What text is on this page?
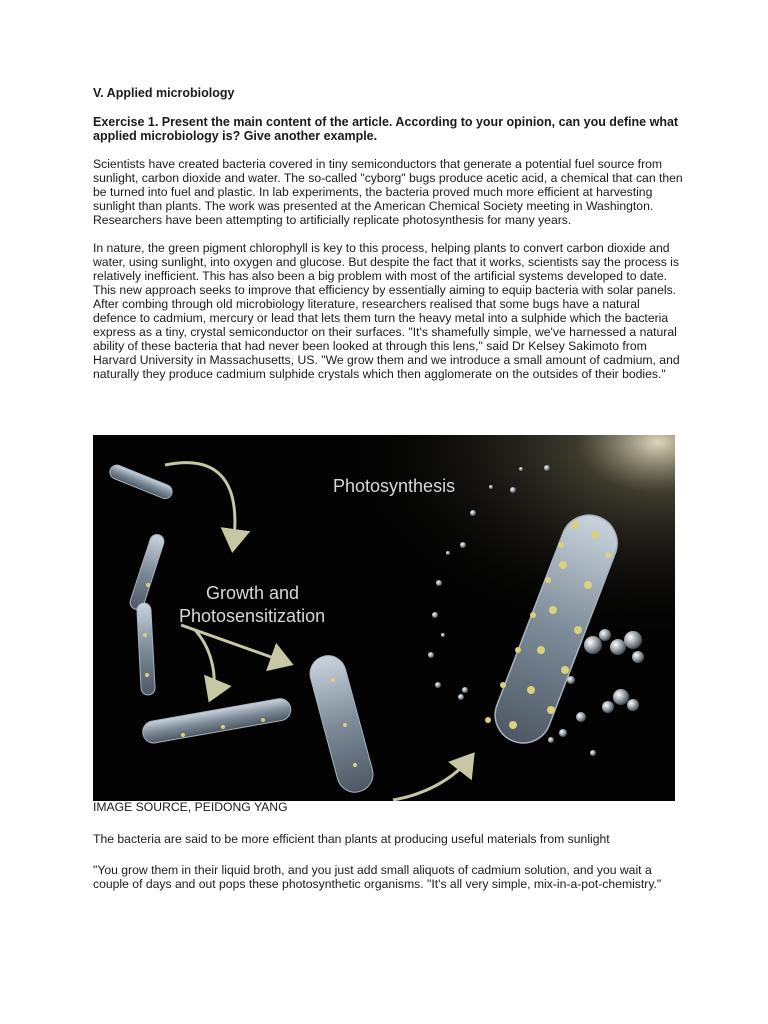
V. Applied microbiology

Exercise 1. Present the main content of the article. According to your opinion, can you define what applied microbiology is? Give another example.

Scientists have created bacteria covered in tiny semiconductors that generate a potential fuel source from sunlight, carbon dioxide and water. The so-called "cyborg" bugs produce acetic acid, a chemical that can then be turned into fuel and plastic. In lab experiments, the bacteria proved much more efficient at harvesting sunlight than plants. The work was presented at the American Chemical Society meeting in Washington. Researchers have been attempting to artificially replicate photosynthesis for many years.

In nature, the green pigment chlorophyll is key to this process, helping plants to convert carbon dioxide and water, using sunlight, into oxygen and glucose. But despite the fact that it works, scientists say the process is relatively inefficient. This has also been a big problem with most of the artificial systems developed to date. This new approach seeks to improve that efficiency by essentially aiming to equip bacteria with solar panels. After combing through old microbiology literature, researchers realised that some bugs have a natural defence to cadmium, mercury or lead that lets them turn the heavy metal into a sulphide which the bacteria express as a tiny, crystal semiconductor on their surfaces. "It's shamefully simple, we've harnessed a natural ability of these bacteria that had never been looked at through this lens," said Dr Kelsey Sakimoto from Harvard University in Massachusetts, US. "We grow them and we introduce a small amount of cadmium, and naturally they produce cadmium sulphide crystals which then agglomerate on the outsides of their bodies."

Photosynthesis
Growth and
Photosensitization
IMAGE SOURCE, PEIDONG YANG
The bacteria are said to be more efficient than plants at producing useful materials from sunlight
"You grow them in their liquid broth, and you just add small aliquots of cadmium solution, and you wait a couple of days and out pops these photosynthetic organisms. "It's all very simple, mix-in-a-pot-chemistry."
